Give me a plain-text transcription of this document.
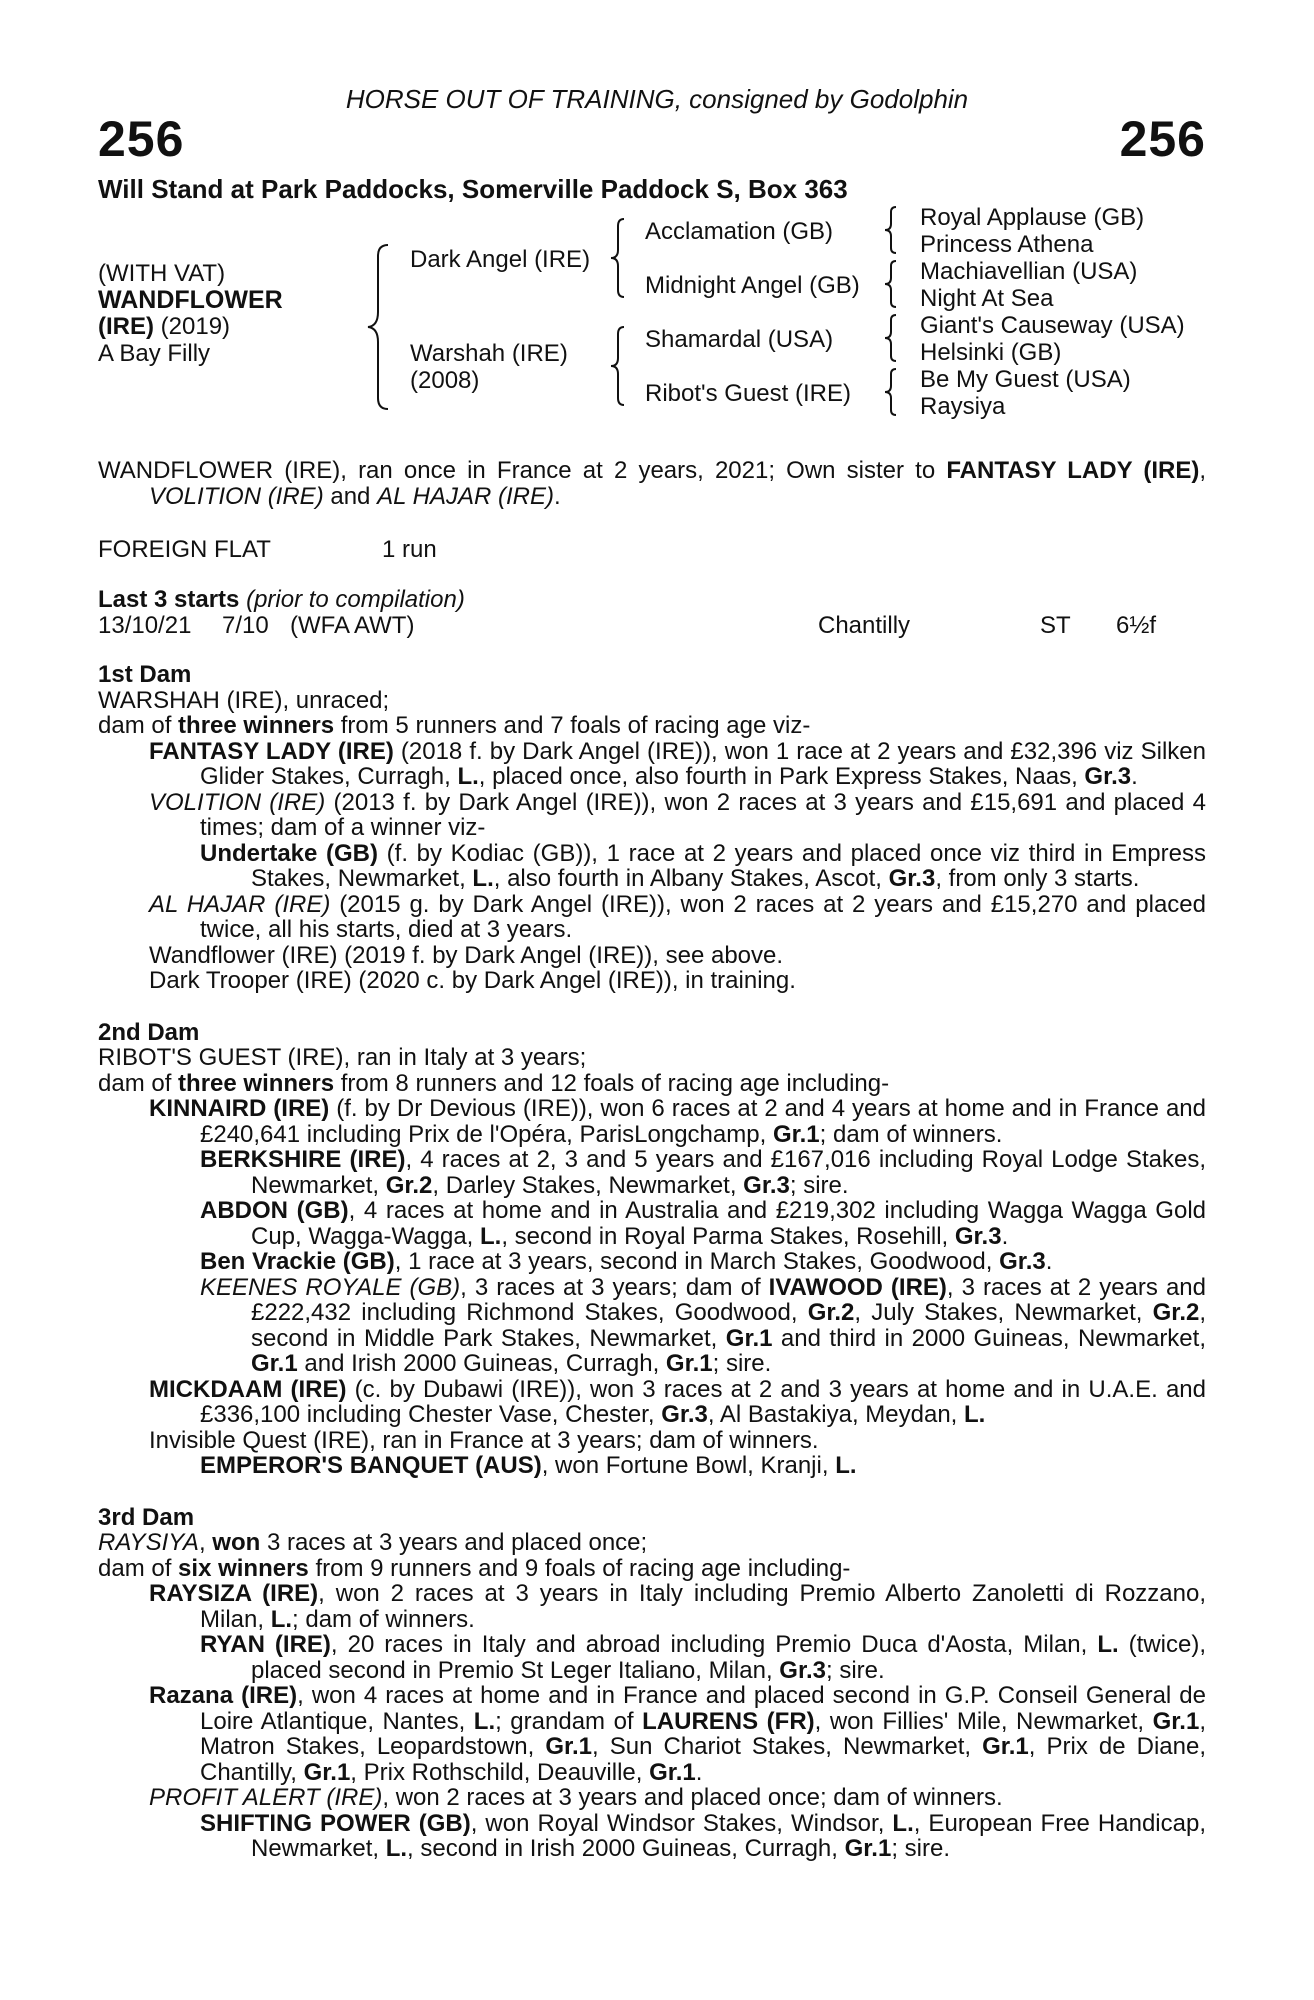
HORSE OUT OF TRAINING, consigned by Godolphin
256	256
Will Stand at Park Paddocks, Somerville Paddock S, Box 363
(WITH VAT)
WANDFLOWER
(IRE) (2019)
A Bay Filly
Dark Angel (IRE)
Warshah (IRE)
(2008)
Acclamation (GB)
Midnight Angel (GB)
Shamardal (USA)
Ribot's Guest (IRE)
Royal Applause (GB)
Princess Athena
Machiavellian (USA)
Night At Sea
Giant's Causeway (USA)
Helsinki (GB)
Be My Guest (USA)
Raysiya

WANDFLOWER (IRE), ran once in France at 2 years, 2021; Own sister to FANTASY LADY (IRE), VOLITION (IRE) and AL HAJAR (IRE).

FOREIGN FLAT	1 run
Last 3 starts (prior to compilation)
13/10/21 7/10 (WFA AWT)	Chantilly	ST 6½f

1st Dam

WARSHAH (IRE), unraced;

dam of three winners from 5 runners and 7 foals of racing age viz-

FANTASY LADY (IRE) (2018 f. by Dark Angel (IRE)), won 1 race at 2 years and £32,396 viz Silken Glider Stakes, Curragh, L., placed once, also fourth in Park Express Stakes, Naas, Gr.3.

VOLITION (IRE) (2013 f. by Dark Angel (IRE)), won 2 races at 3 years and £15,691 and placed 4 times; dam of a winner viz-

Undertake (GB) (f. by Kodiac (GB)), 1 race at 2 years and placed once viz third in Empress Stakes, Newmarket, L., also fourth in Albany Stakes, Ascot, Gr.3, from only 3 starts.

AL HAJAR (IRE) (2015 g. by Dark Angel (IRE)), won 2 races at 2 years and £15,270 and placed twice, all his starts, died at 3 years.

Wandflower (IRE) (2019 f. by Dark Angel (IRE)), see above.

Dark Trooper (IRE) (2020 c. by Dark Angel (IRE)), in training.

2nd Dam

RIBOT'S GUEST (IRE), ran in Italy at 3 years;

dam of three winners from 8 runners and 12 foals of racing age including-

KINNAIRD (IRE) (f. by Dr Devious (IRE)), won 6 races at 2 and 4 years at home and in France and £240,641 including Prix de l'Opéra, ParisLongchamp, Gr.1; dam of winners.

BERKSHIRE (IRE), 4 races at 2, 3 and 5 years and £167,016 including Royal Lodge Stakes, Newmarket, Gr.2, Darley Stakes, Newmarket, Gr.3; sire.

ABDON (GB), 4 races at home and in Australia and £219,302 including Wagga Wagga Gold Cup, Wagga-Wagga, L., second in Royal Parma Stakes, Rosehill, Gr.3.

Ben Vrackie (GB), 1 race at 3 years, second in March Stakes, Goodwood, Gr.3.

KEENES ROYALE (GB), 3 races at 3 years; dam of IVAWOOD (IRE), 3 races at 2 years and £222,432 including Richmond Stakes, Goodwood, Gr.2, July Stakes, Newmarket, Gr.2, second in Middle Park Stakes, Newmarket, Gr.1 and third in 2000 Guineas, Newmarket, Gr.1 and Irish 2000 Guineas, Curragh, Gr.1; sire.

MICKDAAM (IRE) (c. by Dubawi (IRE)), won 3 races at 2 and 3 years at home and in U.A.E. and £336,100 including Chester Vase, Chester, Gr.3, Al Bastakiya, Meydan, L.

Invisible Quest (IRE), ran in France at 3 years; dam of winners.

EMPEROR'S BANQUET (AUS), won Fortune Bowl, Kranji, L.

3rd Dam

RAYSIYA, won 3 races at 3 years and placed once;

dam of six winners from 9 runners and 9 foals of racing age including-

RAYSIZA (IRE), won 2 races at 3 years in Italy including Premio Alberto Zanoletti di Rozzano, Milan, L.; dam of winners.

RYAN (IRE), 20 races in Italy and abroad including Premio Duca d'Aosta, Milan, L. (twice), placed second in Premio St Leger Italiano, Milan, Gr.3; sire.

Razana (IRE), won 4 races at home and in France and placed second in G.P. Conseil General de Loire Atlantique, Nantes, L.; grandam of LAURENS (FR), won Fillies' Mile, Newmarket, Gr.1, Matron Stakes, Leopardstown, Gr.1, Sun Chariot Stakes, Newmarket, Gr.1, Prix de Diane, Chantilly, Gr.1, Prix Rothschild, Deauville, Gr.1.

PROFIT ALERT (IRE), won 2 races at 3 years and placed once; dam of winners.

SHIFTING POWER (GB), won Royal Windsor Stakes, Windsor, L., European Free Handicap, Newmarket, L., second in Irish 2000 Guineas, Curragh, Gr.1; sire.
